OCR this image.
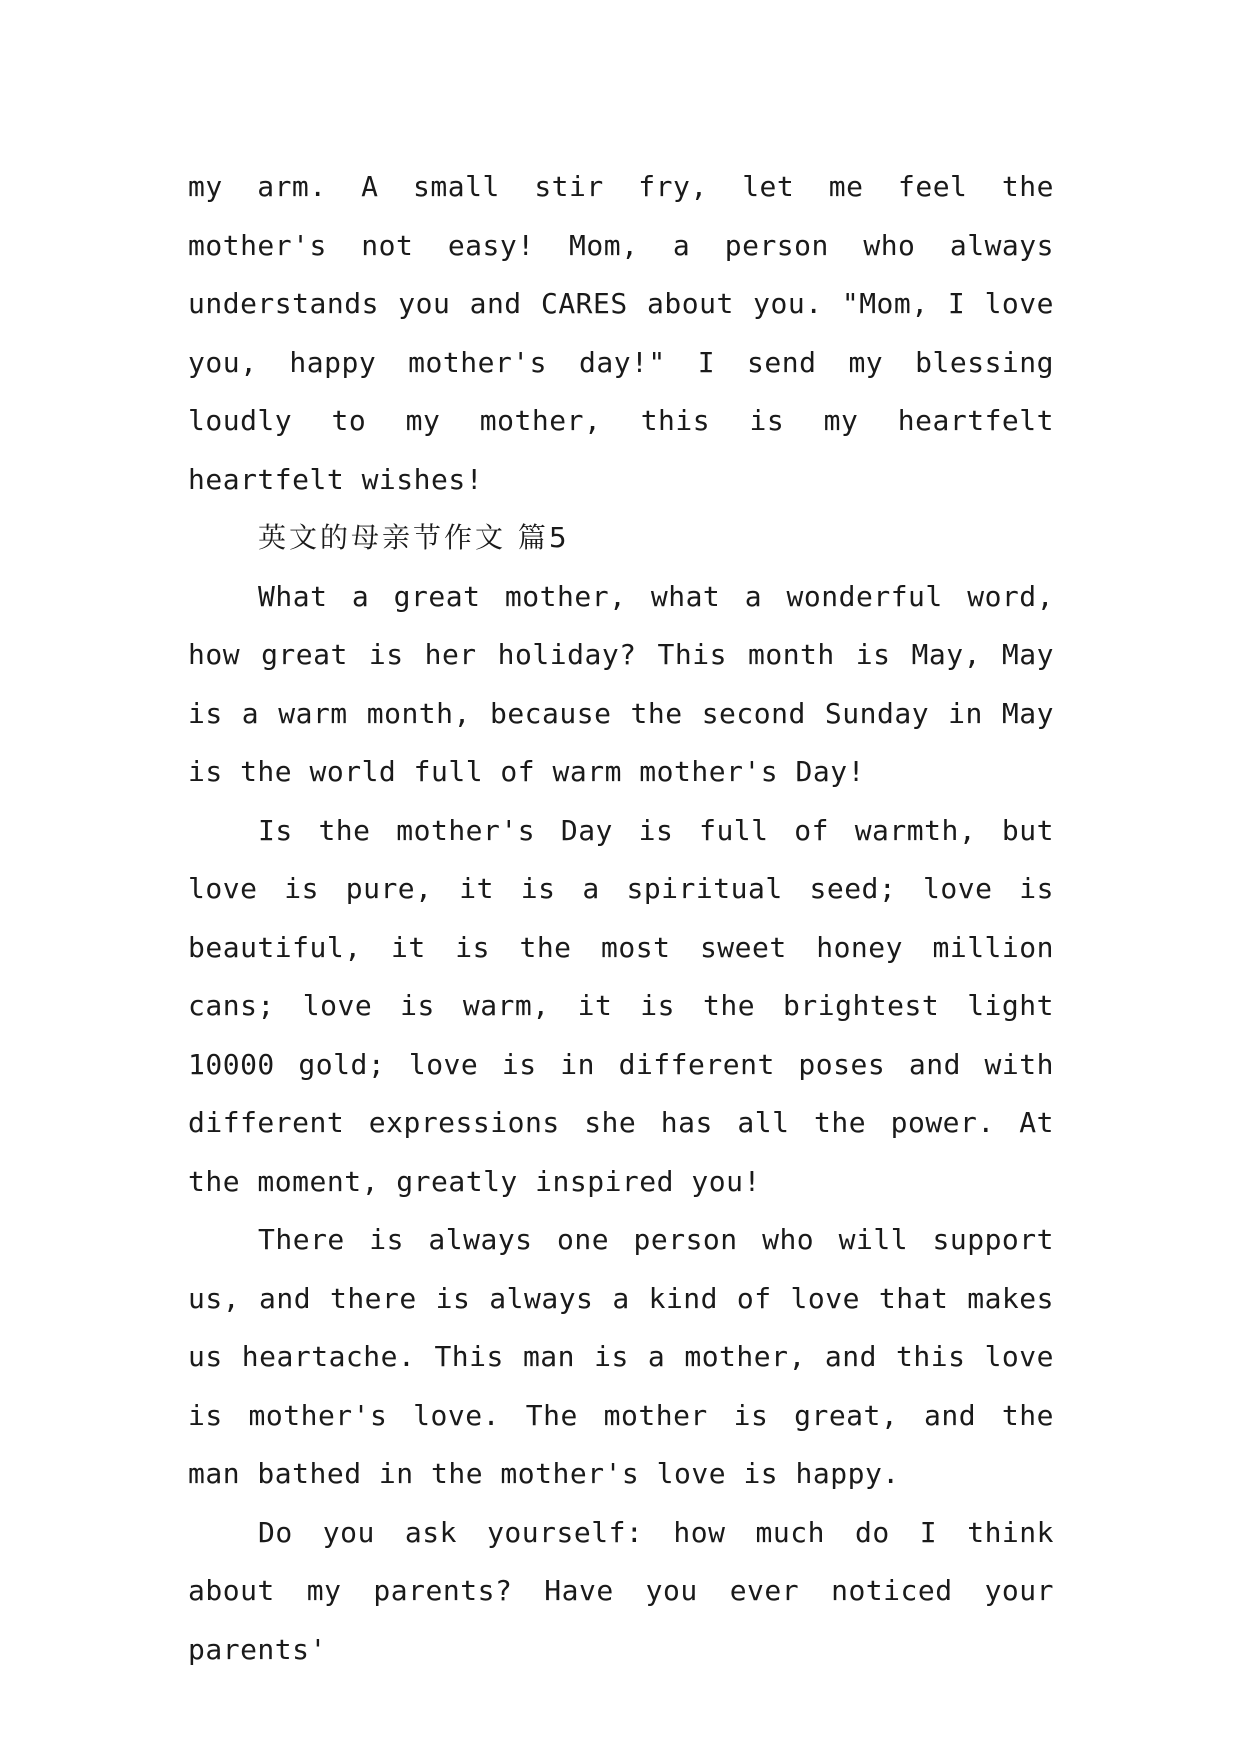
my arm. A small stir fry, let me feel the mother's not easy! Mom, a person who always understands you and CARES about you. "Mom, I love you, happy mother's day!" I send my blessing loudly to my mother, this is my heartfelt heartfelt wishes!

英文的母亲节作文 篇5

What a great mother, what a wonderful word, how great is her holiday? This month is May, May is a warm month, because the second Sunday in May is the world full of warm mother's Day!

Is the mother's Day is full of warmth, but love is pure, it is a spiritual seed; love is beautiful, it is the most sweet honey million cans; love is warm, it is the brightest light 10000 gold; love is in different poses and with different expressions she has all the power. At the moment, greatly inspired you!

There is always one person who will support us, and there is always a kind of love that makes us heartache. This man is a mother, and this love is mother's love. The mother is great, and the man bathed in the mother's love is happy.

Do you ask yourself: how much do I think about my parents? Have you ever noticed your parents'
